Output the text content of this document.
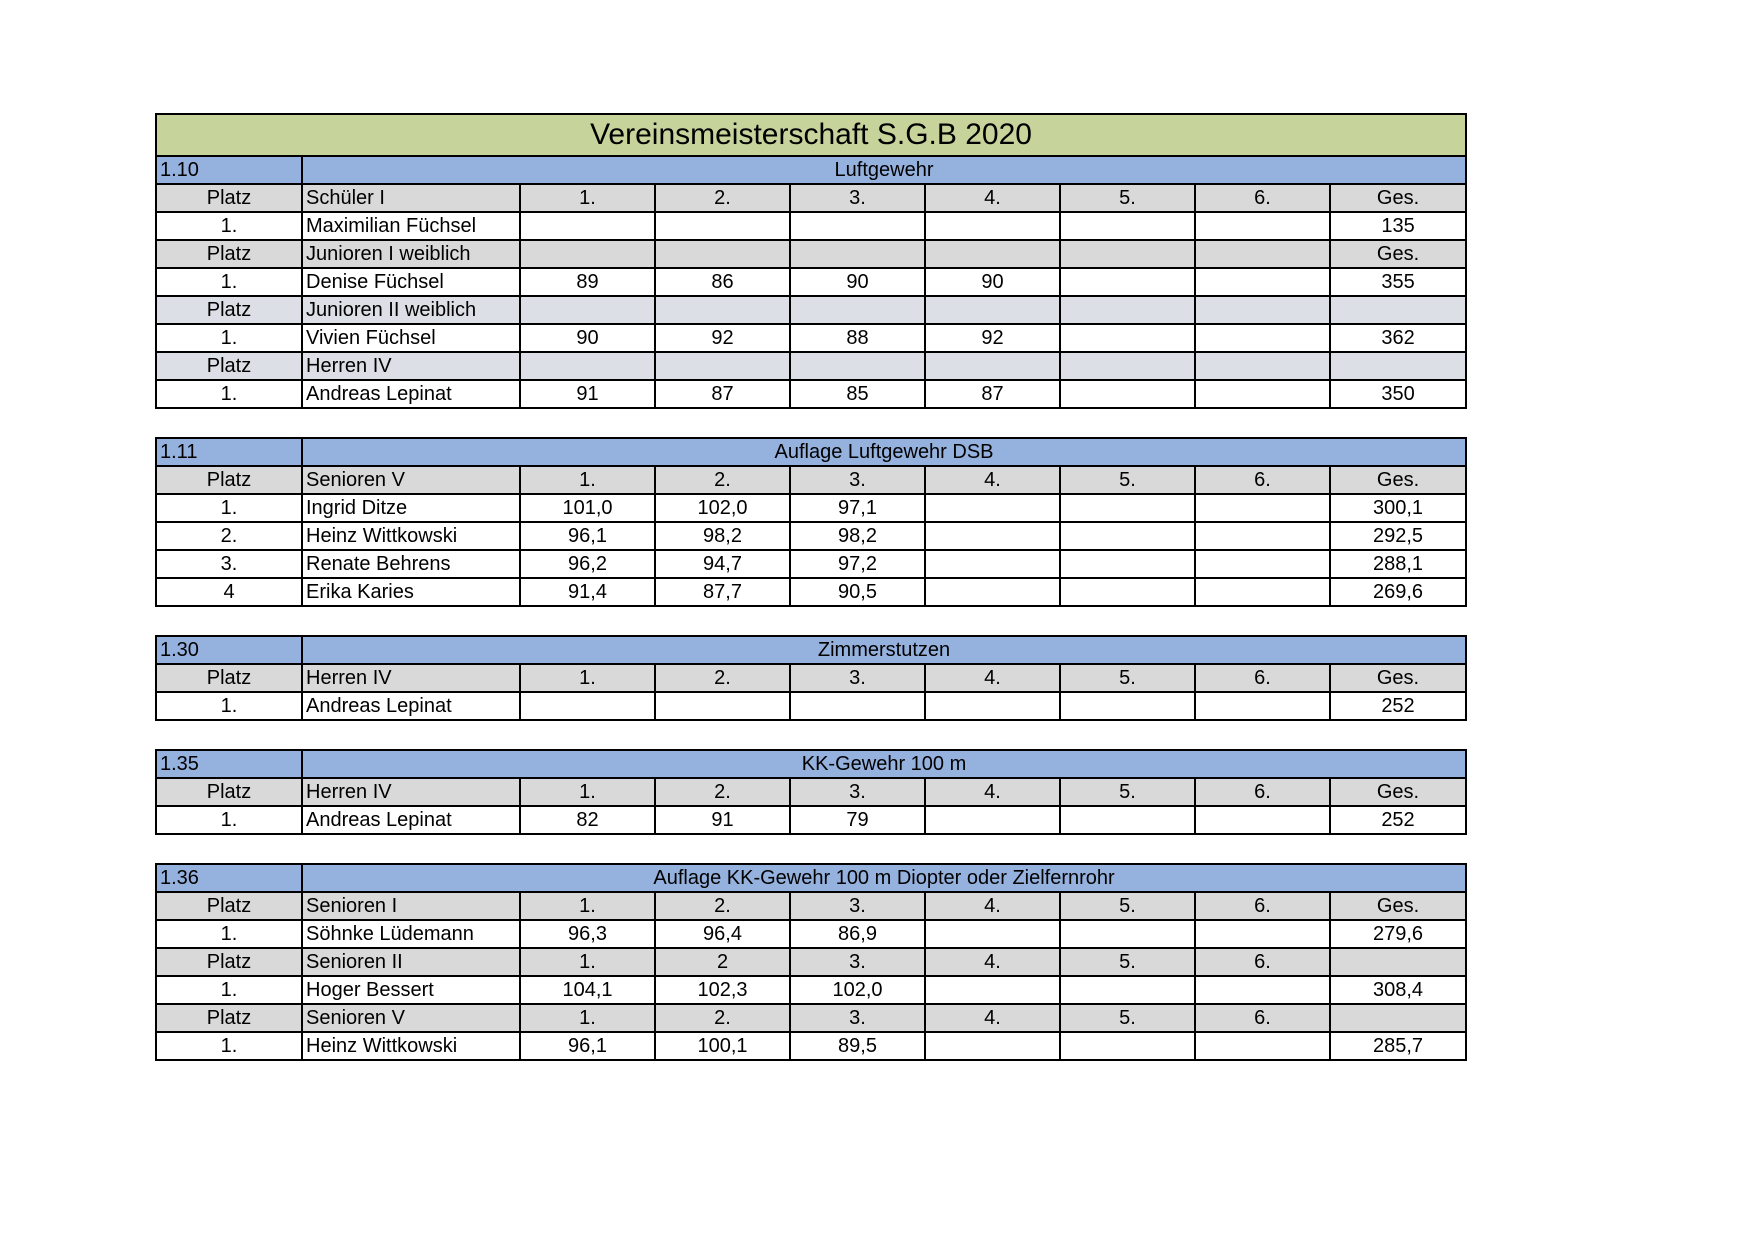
Vereinsmeisterschaft S.G.B 2020								
1.10	Luftgewehr							
Platz	Schüler I	1.	2.	3.	4.	5.	6.	Ges.
1.	Maximilian Füchsel							135
Platz	Junioren I weiblich							Ges.
1.	Denise Füchsel	89	86	90	90			355
Platz	Junioren II weiblich							
1.	Vivien Füchsel	90	92	88	92			362
Platz	Herren IV							
1.	Andreas Lepinat	91	87	85	87			350
1.11	Auflage Luftgewehr DSB							
Platz	Senioren V	1.	2.	3.	4.	5.	6.	Ges.
1.	Ingrid Ditze	101,0	102,0	97,1				300,1
2.	Heinz Wittkowski	96,1	98,2	98,2				292,5
3.	Renate Behrens	96,2	94,7	97,2				288,1
4	Erika Karies	91,4	87,7	90,5				269,6
1.30	Zimmerstutzen							
Platz	Herren IV	1.	2.	3.	4.	5.	6.	Ges.
1.	Andreas Lepinat							252
1.35	KK-Gewehr 100 m							
Platz	Herren IV	1.	2.	3.	4.	5.	6.	Ges.
1.	Andreas Lepinat	82	91	79				252
1.36	Auflage KK-Gewehr 100 m Diopter oder Zielfernrohr							
Platz	Senioren I	1.	2.	3.	4.	5.	6.	Ges.
1.	Söhnke Lüdemann	96,3	96,4	86,9				279,6
Platz	Senioren II	1.	2	3.	4.	5.	6.	
1.	Hoger Bessert	104,1	102,3	102,0				308,4
Platz	Senioren V	1.	2.	3.	4.	5.	6.	
1.	Heinz Wittkowski	96,1	100,1	89,5				285,7
